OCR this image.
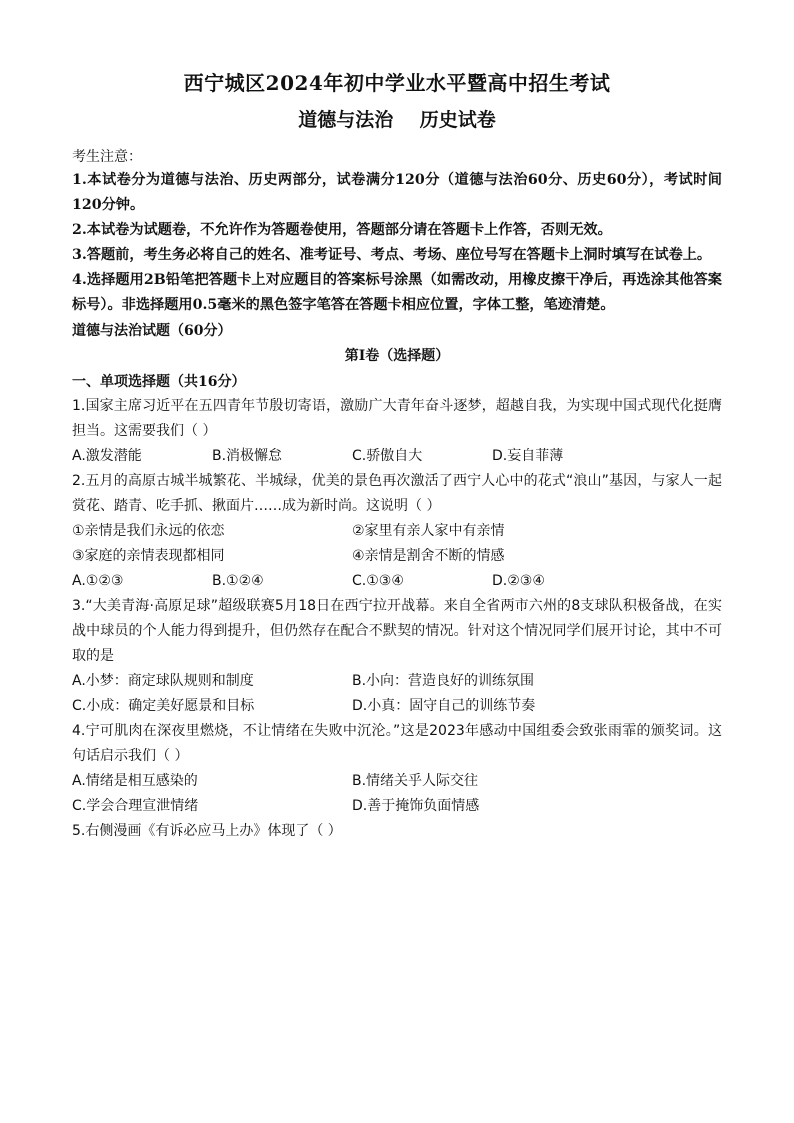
西宁城区2024年初中学业水平暨高中招生考试
道德与法治    历史试卷
考生注意：

1.本试卷分为道德与法治、历史两部分，试卷满分120分（道德与法治60分、历史60分），考试时间120分钟。

2.本试卷为试题卷，不允许作为答题卷使用，答题部分请在答题卡上作答，否则无效。

3.答题前，考生务必将自己的姓名、准考证号、考点、考场、座位号写在答题卡上洞时填写在试卷上。

4.选择题用2B铅笔把答题卡上对应题目的答案标号涂黑（如需改动，用橡皮擦干净后，再选涂其他答案标号）。非选择题用0.5毫米的黑色签字笔答在答题卡相应位置，字体工整，笔迹清楚。

道德与法治试题（60分）
第Ⅰ卷（选择题）
一、单项选择题（共16分）

1.国家主席习近平在五四青年节殷切寄语，激励广大青年奋斗逐梦，超越自我，为实现中国式现代化挺膺担当。这需要我们（ ）

A.激发潜能	B.消极懈怠	C.骄傲自大	D.妄自菲薄

2.五月的高原古城半城繁花、半城绿，优美的景色再次激活了西宁人心中的花式“浪山”基因，与家人一起赏花、踏青、吃手抓、揪面片……成为新时尚。这说明（ ）

①亲情是我们永远的依恋	②家里有亲人家中有亲情
③家庭的亲情表现都相同	④亲情是割舍不断的情感
A.①②③	B.①②④	C.①③④	D.②③④

3.“大美青海·高原足球”超级联赛5月18日在西宁拉开战幕。来自全省两市六州的8支球队积极备战，在实战中球员的个人能力得到提升，但仍然存在配合不默契的情况。针对这个情况同学们展开讨论，其中不可取的是

A.小梦：商定球队规则和制度	B.小向：营造良好的训练氛围
C.小成：确定美好愿景和目标	D.小真：固守自己的训练节奏

4.宁可肌肉在深夜里燃烧，不让情绪在失败中沉沦。”这是2023年感动中国组委会致张雨霏的颁奖词。这句话启示我们（ ）

A.情绪是相互感染的	B.情绪关乎人际交往
C.学会合理宣泄情绪	D.善于掩饰负面情感

5.右侧漫画《有诉必应马上办》体现了（ ）
